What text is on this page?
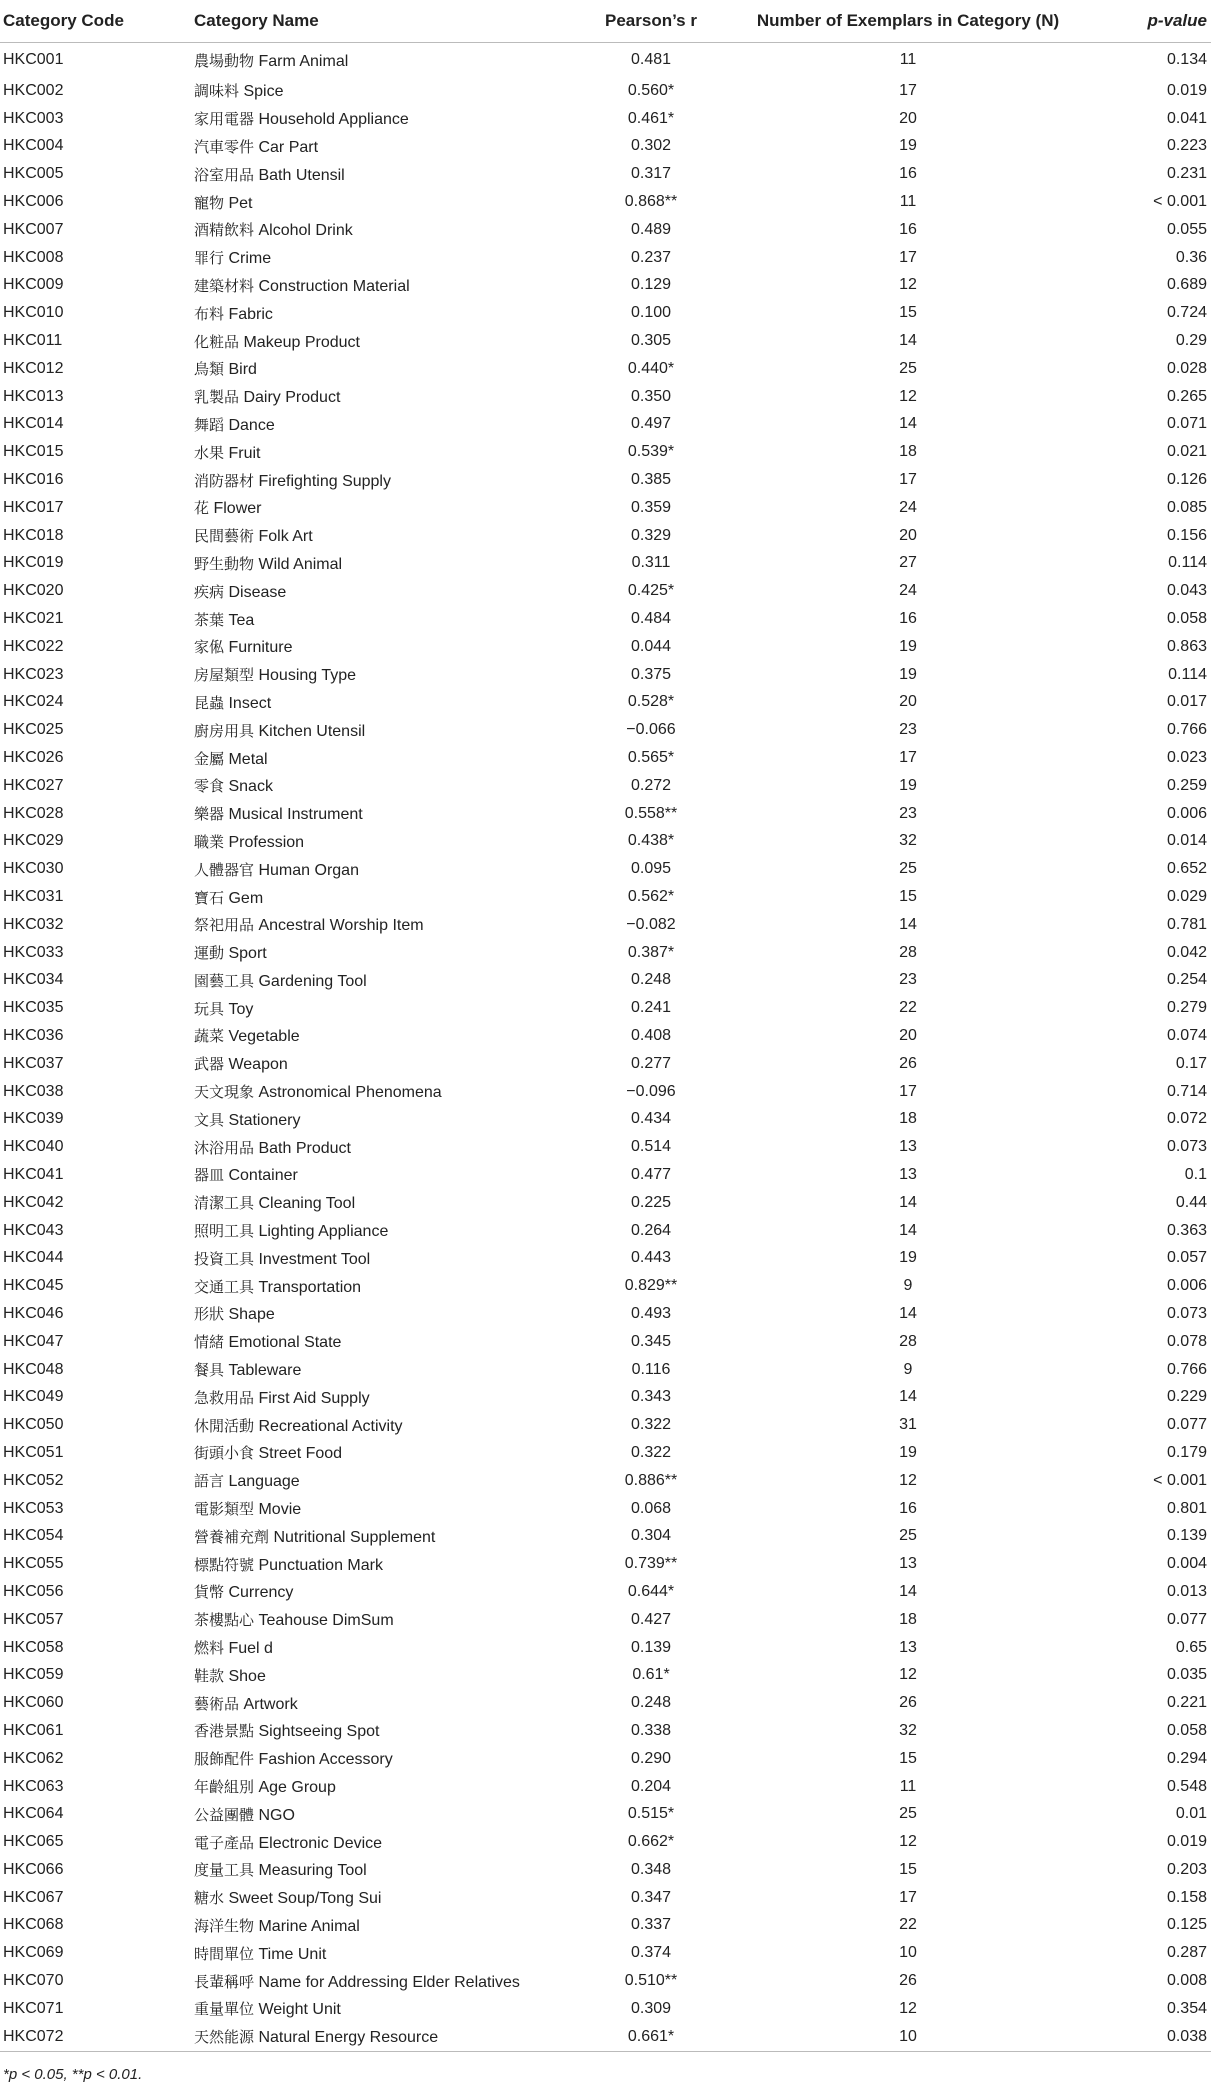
Category Code	Category Name	Pearson’s r	Number of Exemplars in Category (N)	p-value
HKC001	農場動物 Farm Animal	0.481	11	0.134
HKC002	調味料 Spice	0.560*	17	0.019
HKC003	家用電器 Household Appliance	0.461*	20	0.041
HKC004	汽車零件 Car Part	0.302	19	0.223
HKC005	浴室用品 Bath Utensil	0.317	16	0.231
HKC006	寵物 Pet	0.868**	11	< 0.001
HKC007	酒精飲料 Alcohol Drink	0.489	16	0.055
HKC008	罪行 Crime	0.237	17	0.36
HKC009	建築材料 Construction Material	0.129	12	0.689
HKC010	布料 Fabric	0.100	15	0.724
HKC011	化粧品 Makeup Product	0.305	14	0.29
HKC012	鳥類 Bird	0.440*	25	0.028
HKC013	乳製品 Dairy Product	0.350	12	0.265
HKC014	舞蹈 Dance	0.497	14	0.071
HKC015	水果 Fruit	0.539*	18	0.021
HKC016	消防器材 Firefighting Supply	0.385	17	0.126
HKC017	花 Flower	0.359	24	0.085
HKC018	民間藝術 Folk Art	0.329	20	0.156
HKC019	野生動物 Wild Animal	0.311	27	0.114
HKC020	疾病 Disease	0.425*	24	0.043
HKC021	茶葉 Tea	0.484	16	0.058
HKC022	家俬 Furniture	0.044	19	0.863
HKC023	房屋類型 Housing Type	0.375	19	0.114
HKC024	昆蟲 Insect	0.528*	20	0.017
HKC025	廚房用具 Kitchen Utensil	−0.066	23	0.766
HKC026	金屬 Metal	0.565*	17	0.023
HKC027	零食 Snack	0.272	19	0.259
HKC028	樂器 Musical Instrument	0.558**	23	0.006
HKC029	職業 Profession	0.438*	32	0.014
HKC030	人體器官 Human Organ	0.095	25	0.652
HKC031	寶石 Gem	0.562*	15	0.029
HKC032	祭祀用品 Ancestral Worship Item	−0.082	14	0.781
HKC033	運動 Sport	0.387*	28	0.042
HKC034	園藝工具 Gardening Tool	0.248	23	0.254
HKC035	玩具 Toy	0.241	22	0.279
HKC036	蔬菜 Vegetable	0.408	20	0.074
HKC037	武器 Weapon	0.277	26	0.17
HKC038	天文現象 Astronomical Phenomena	−0.096	17	0.714
HKC039	文具 Stationery	0.434	18	0.072
HKC040	沐浴用品 Bath Product	0.514	13	0.073
HKC041	器皿 Container	0.477	13	0.1
HKC042	清潔工具 Cleaning Tool	0.225	14	0.44
HKC043	照明工具 Lighting Appliance	0.264	14	0.363
HKC044	投資工具 Investment Tool	0.443	19	0.057
HKC045	交通工具 Transportation	0.829**	9	0.006
HKC046	形狀 Shape	0.493	14	0.073
HKC047	情緒 Emotional State	0.345	28	0.078
HKC048	餐具 Tableware	0.116	9	0.766
HKC049	急救用品 First Aid Supply	0.343	14	0.229
HKC050	休閒活動 Recreational Activity	0.322	31	0.077
HKC051	街頭小食 Street Food	0.322	19	0.179
HKC052	語言 Language	0.886**	12	< 0.001
HKC053	電影類型 Movie	0.068	16	0.801
HKC054	營養補充劑 Nutritional Supplement	0.304	25	0.139
HKC055	標點符號 Punctuation Mark	0.739**	13	0.004
HKC056	貨幣 Currency	0.644*	14	0.013
HKC057	茶樓點心 Teahouse DimSum	0.427	18	0.077
HKC058	燃料 Fuel d	0.139	13	0.65
HKC059	鞋款 Shoe	0.61*	12	0.035
HKC060	藝術品 Artwork	0.248	26	0.221
HKC061	香港景點 Sightseeing Spot	0.338	32	0.058
HKC062	服飾配件 Fashion Accessory	0.290	15	0.294
HKC063	年齡組別 Age Group	0.204	11	0.548
HKC064	公益團體 NGO	0.515*	25	0.01
HKC065	電子產品 Electronic Device	0.662*	12	0.019
HKC066	度量工具 Measuring Tool	0.348	15	0.203
HKC067	糖水 Sweet Soup/Tong Sui	0.347	17	0.158
HKC068	海洋生物 Marine Animal	0.337	22	0.125
HKC069	時間單位 Time Unit	0.374	10	0.287
HKC070	長輩稱呼 Name for Addressing Elder Relatives	0.510**	26	0.008
HKC071	重量單位 Weight Unit	0.309	12	0.354
HKC072	天然能源 Natural Energy Resource	0.661*	10	0.038
*p < 0.05, **p < 0.01.
